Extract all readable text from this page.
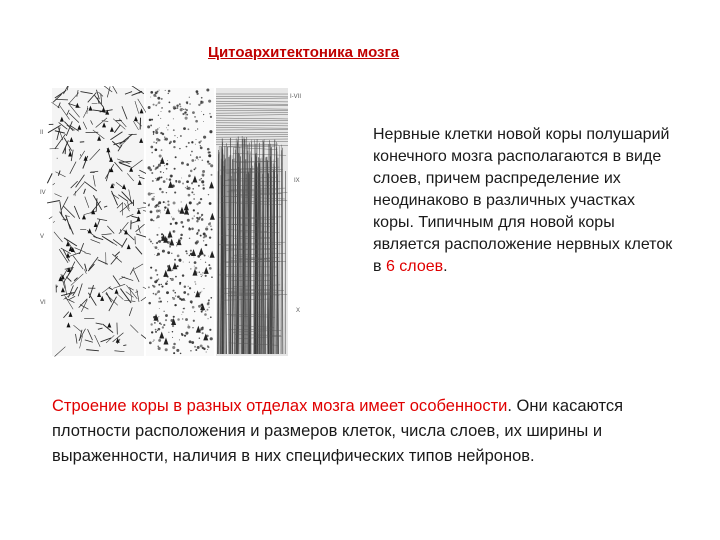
Цитоархитектоника мозга
II
IV
V
VI
I-VII
IX
X

Нервные клетки новой коры полушарий конечного мозга располагаются в виде слоев, причем распределение их неодинаково в различных участках коры. Типичным для новой коры является расположение нервных клеток в 6 слоев.

Строение коры в разных отделах мозга имеет особенности. Они касаются плотности расположения и размеров клеток, числа слоев, их ширины и выраженности, наличия в них специфических типов нейронов.
